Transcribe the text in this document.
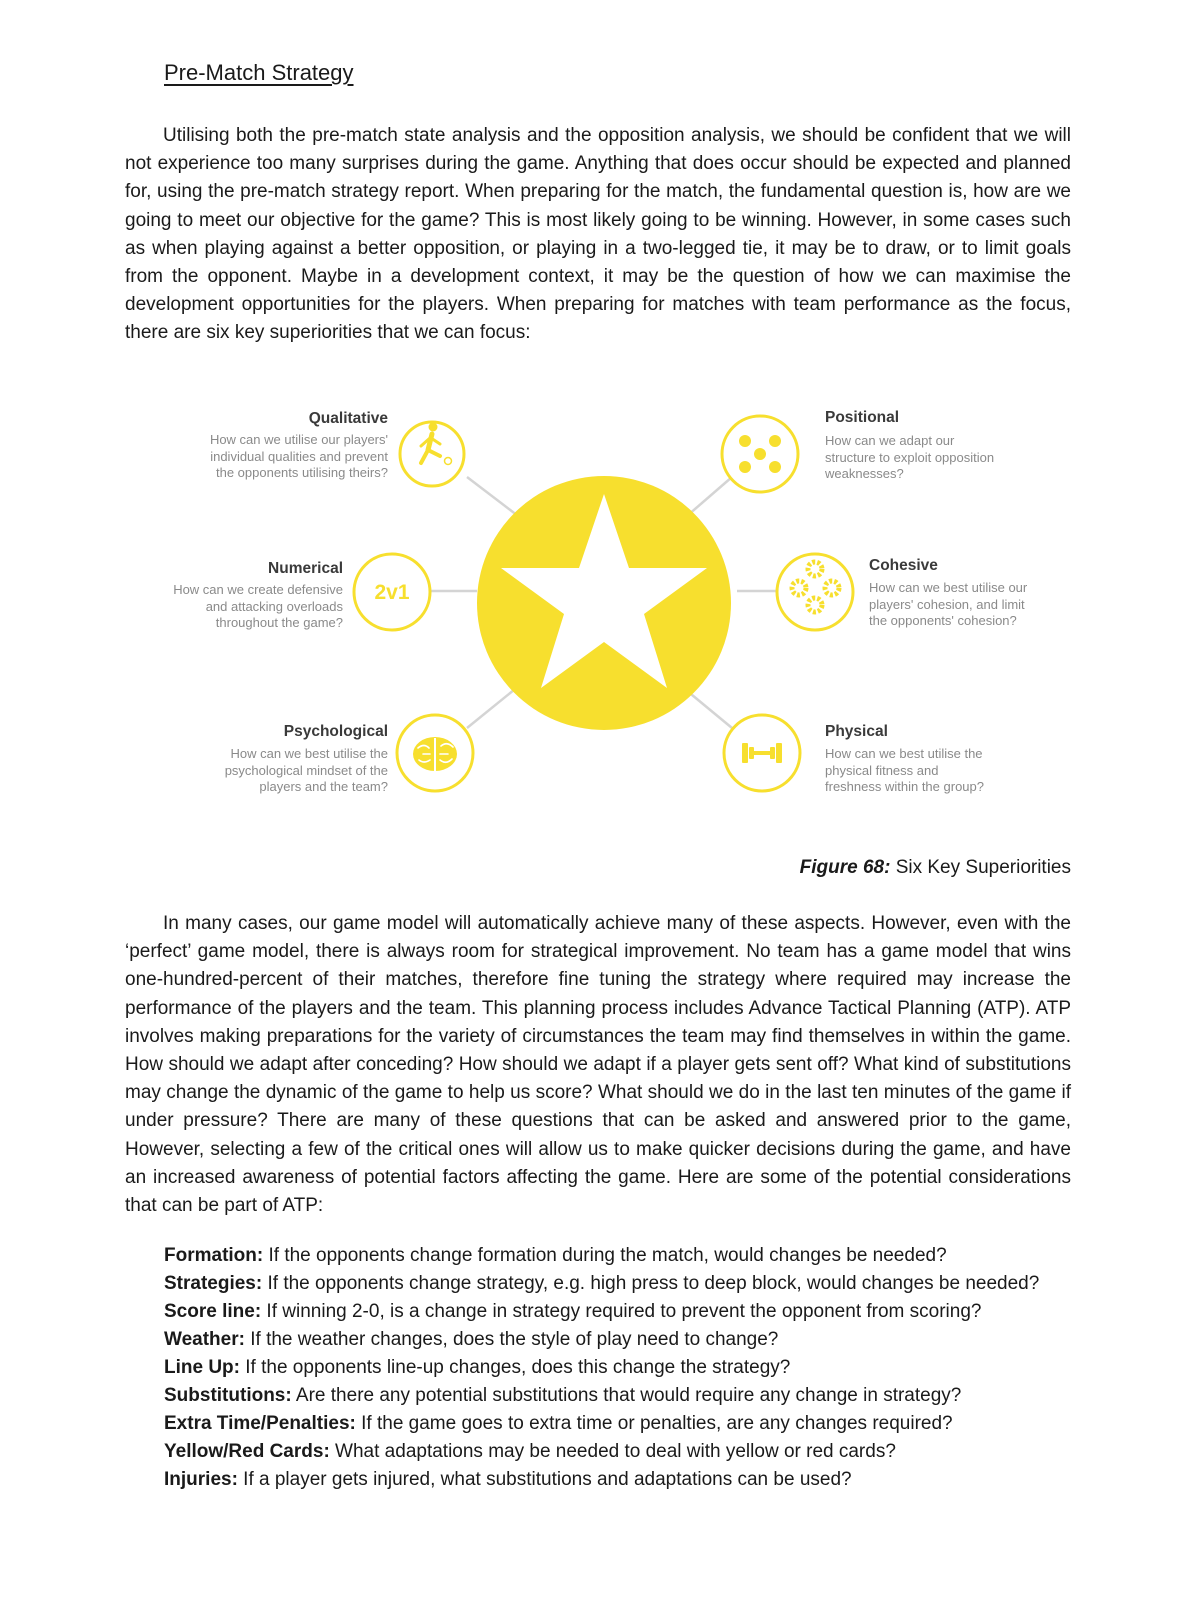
Pre-Match Strategy

Utilising both the pre-match state analysis and the opposition analysis, we should be confident that we will not experience too many surprises during the game. Anything that does occur should be expected and planned for, using the pre-match strategy report. When preparing for the match, the fundamental question is, how are we going to meet our objective for the game? This is most likely going to be winning. However, in some cases such as when playing against a better opposition, or playing in a two-legged tie, it may be to draw, or to limit goals from the opponent. Maybe in a development context, it may be the question of how we can maximise the development opportunities for the players. When preparing for matches with team performance as the focus, there are six key superiorities that we can focus:

2v1

Qualitative

How can we utilise our players'
individual qualities and prevent
the opponents utilising theirs?

Numerical

How can we create defensive
and attacking overloads
throughout the game?

Psychological

How can we best utilise the
psychological mindset of the
players and the team?

Positional

How can we adapt our
structure to exploit opposition
weaknesses?

Cohesive

How can we best utilise our
players' cohesion, and limit
the opponents' cohesion?

Physical

How can we best utilise the
physical fitness and
freshness within the group?

Figure 68: Six Key Superiorities

In many cases, our game model will automatically achieve many of these aspects. However, even with the ‘perfect’ game model, there is always room for strategical improvement. No team has a game model that wins one-hundred-percent of their matches, therefore fine tuning the strategy where required may increase the performance of the players and the team. This planning process includes Advance Tactical Planning (ATP). ATP involves making preparations for the variety of circumstances the team may find themselves in within the game. How should we adapt after conceding? How should we adapt if a player gets sent off? What kind of substitutions may change the dynamic of the game to help us score? What should we do in the last ten minutes of the game if under pressure? There are many of these questions that can be asked and answered prior to the game, However, selecting a few of the critical ones will allow us to make quicker decisions during the game, and have an increased awareness of potential factors affecting the game. Here are some of the potential considerations that can be part of ATP:

Formation: If the opponents change formation during the match, would changes be needed?
Strategies: If the opponents change strategy, e.g. high press to deep block, would changes be needed?
Score line: If winning 2-0, is a change in strategy required to prevent the opponent from scoring?
Weather: If the weather changes, does the style of play need to change?
Line Up: If the opponents line-up changes, does this change the strategy?
Substitutions: Are there any potential substitutions that would require any change in strategy?
Extra Time/Penalties: If the game goes to extra time or penalties, are any changes required?
Yellow/Red Cards: What adaptations may be needed to deal with yellow or red cards?
Injuries: If a player gets injured, what substitutions and adaptations can be used?
